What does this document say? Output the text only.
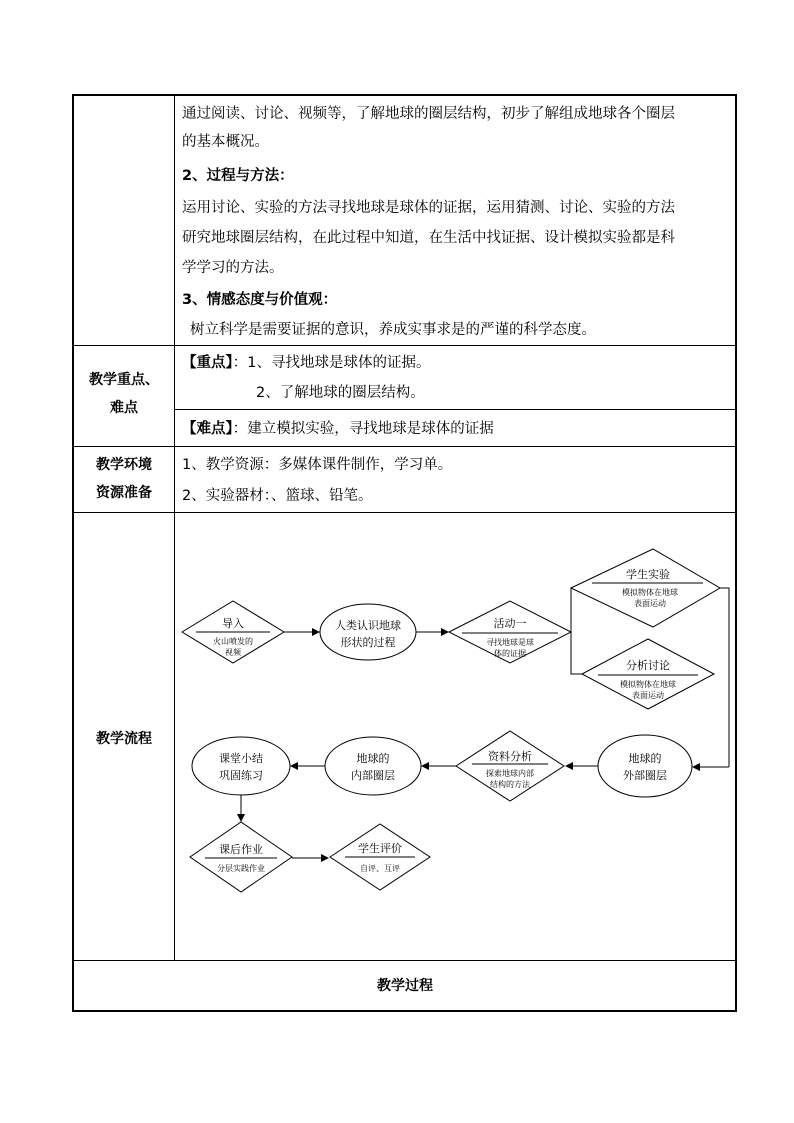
通过阅读、讨论、视频等，了解地球的圈层结构，初步了解组成地球各个圈层
的基本概况。
2、过程与方法：
运用讨论、实验的方法寻找地球是球体的证据，运用猜测、讨论、实验的方法
研究地球圈层结构，在此过程中知道，在生活中找证据、设计模拟实验都是科
学学习的方法。
3、情感态度与价值观：
树立科学是需要证据的意识，养成实事求是的严谨的科学态度。
教学重点、
难点
【重点】：1、寻找地球是球体的证据。
2、了解地球的圈层结构。
【难点】：建立模拟实验，寻找地球是球体的证据
教学环境
资源准备
1、教学资源：多媒体课件制作，学习单。
2、实验器材：、篮球、铅笔。
教学流程
导入
火山喷发的
视频
人类认识地球
形状的过程
活动一
寻找地球是球
体的证据
学生实验
模拟物体在地球
表面运动
分析讨论
模拟物体在地球
表面运动
地球的
外部圈层
资料分析
探索地球内部
结构的方法
地球的
内部圈层
课堂小结
巩固练习
课后作业
分层实践作业
学生评价
自评、互评
教学过程
